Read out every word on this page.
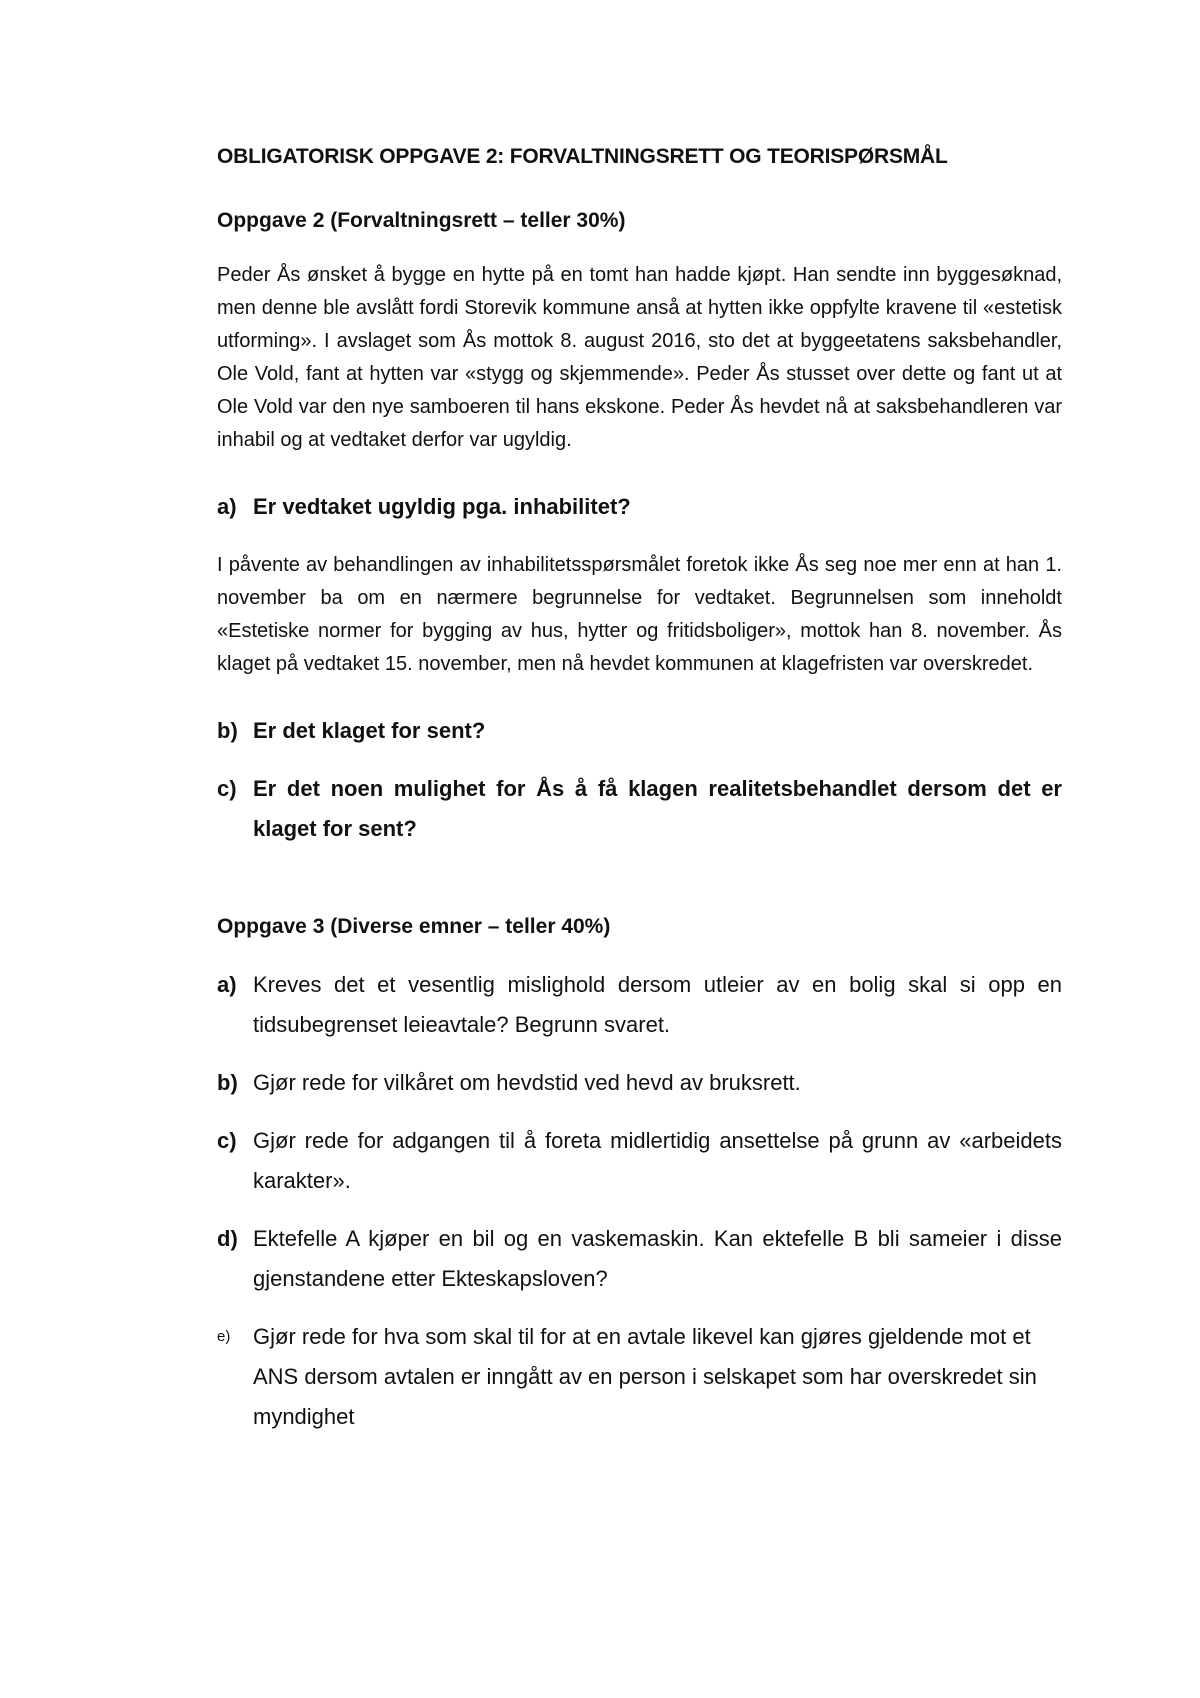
OBLIGATORISK OPPGAVE 2: FORVALTNINGSRETT OG TEORISPØRSMÅL
Oppgave 2 (Forvaltningsrett – teller 30%)

Peder Ås ønsket å bygge en hytte på en tomt han hadde kjøpt. Han sendte inn byggesøknad, men denne ble avslått fordi Storevik kommune anså at hytten ikke oppfylte kravene til «estetisk utforming». I avslaget som Ås mottok 8. august 2016, sto det at byggeetatens saksbehandler, Ole Vold, fant at hytten var «stygg og skjemmende». Peder Ås stusset over dette og fant ut at Ole Vold var den nye samboeren til hans ekskone. Peder Ås hevdet nå at saksbehandleren var inhabil og at vedtaket derfor var ugyldig.

a) Er vedtaket ugyldig pga. inhabilitet?

I påvente av behandlingen av inhabilitetsspørsmålet foretok ikke Ås seg noe mer enn at han 1. november ba om en nærmere begrunnelse for vedtaket. Begrunnelsen som inneholdt «Estetiske normer for bygging av hus, hytter og fritidsboliger», mottok han 8. november. Ås klaget på vedtaket 15. november, men nå hevdet kommunen at klagefristen var overskredet.

b) Er det klaget for sent?
c) Er det noen mulighet for Ås å få klagen realitetsbehandlet dersom det er klaget for sent?
Oppgave 3 (Diverse emner – teller 40%)
a) Kreves det et vesentlig mislighold dersom utleier av en bolig skal si opp en tidsubegrenset leieavtale? Begrunn svaret.
b) Gjør rede for vilkåret om hevdstid ved hevd av bruksrett.
c) Gjør rede for adgangen til å foreta midlertidig ansettelse på grunn av «arbeidets karakter».
d) Ektefelle A kjøper en bil og en vaskemaskin. Kan ektefelle B bli sameier i disse gjenstandene etter Ekteskapsloven?
e)	Gjør rede for hva som skal til for at en avtale likevel kan gjøres gjeldende mot et ANS dersom avtalen er inngått av en person i selskapet som har overskredet sin myndighet
